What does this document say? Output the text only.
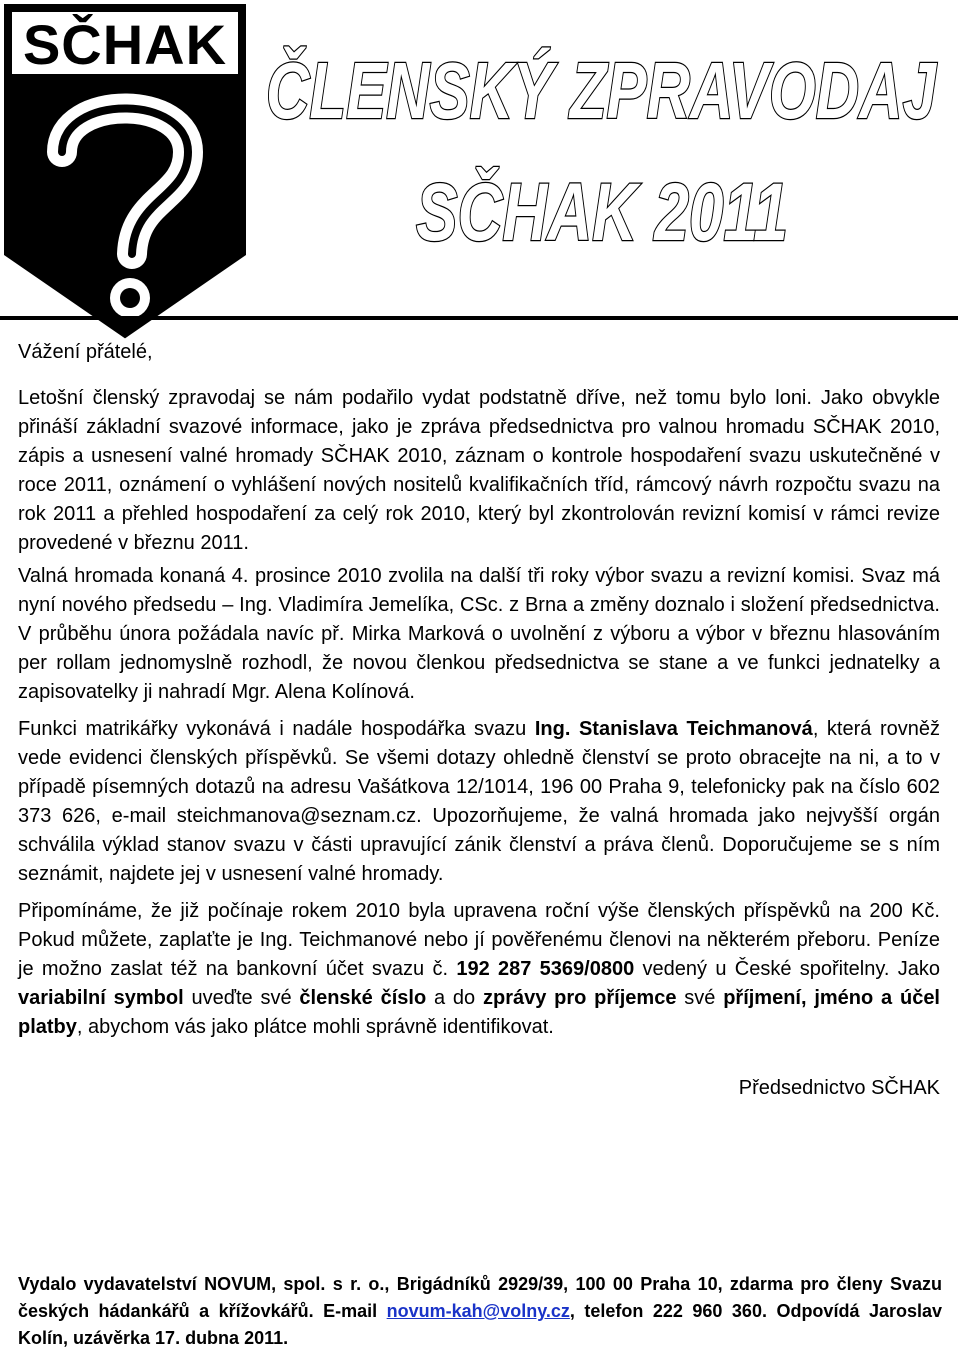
SČHAK
ČLENSKÝ ZPRAVODAJ
SČHAK 2011

Vážení přátelé,

Letošní členský zpravodaj se nám podařilo vydat podstatně dříve, než tomu bylo loni. Jako obvykle přináší základní svazové informace, jako je zpráva předsednictva pro valnou hromadu SČHAK 2010, zápis a usnesení valné hromady SČHAK 2010, záznam o kontrole hospodaření svazu uskutečněné v roce 2011, oznámení o vyhlášení nových nositelů kvalifikačních tříd, rámcový návrh rozpočtu svazu na rok 2011 a přehled hospodaření za celý rok 2010, který byl zkontrolován revizní komisí v rámci revize provedené v březnu 2011.

Valná hromada konaná 4. prosince 2010 zvolila na další tři roky výbor svazu a revizní komisi. Svaz má nyní nového předsedu – Ing. Vladimíra Jemelíka, CSc. z Brna a změny doznalo i složení předsednictva. V průběhu února požádala navíc př. Mirka Marková o uvolnění z výboru a výbor v březnu hlasováním per rollam jednomyslně rozhodl, že novou členkou předsednictva se stane a ve funkci jednatelky a zapisovatelky ji nahradí Mgr. Alena Kolínová.

Funkci matrikářky vykonává i nadále hospodářka svazu Ing. Stanislava Teichmanová, která rovněž vede evidenci členských příspěvků. Se všemi dotazy ohledně členství se proto obracejte na ni, a to v případě písemných dotazů na adresu Vašátkova 12/1014, 196 00 Praha 9, telefonicky pak na číslo 602 373 626, e-mail steichmanova@seznam.cz. Upozorňujeme, že valná hromada jako nejvyšší orgán schválila výklad stanov svazu v části upravující zánik členství a práva členů. Doporučujeme se s ním seznámit, najdete jej v usnesení valné hromady.

Připomínáme, že již počínaje rokem 2010 byla upravena roční výše členských příspěvků na 200 Kč. Pokud můžete, zaplaťte je Ing. Teichmanové nebo jí pověřenému členovi na některém přeboru. Peníze je možno zaslat též na bankovní účet svazu č. 192 287 5369/0800 vedený u České spořitelny. Jako variabilní symbol uveďte své členské číslo a do zprávy pro příjemce své příjmení, jméno a účel platby, abychom vás jako plátce mohli správně identifikovat.

Předsednictvo SČHAK

Vydalo vydavatelství NOVUM, spol. s r. o., Brigádníků 2929/39, 100 00 Praha 10, zdarma pro členy Svazu českých hádankářů a křížovkářů. E-mail novum-kah@volny.cz, telefon 222 960 360. Odpovídá Jaroslav Kolín, uzávěrka 17. dubna 2011.
